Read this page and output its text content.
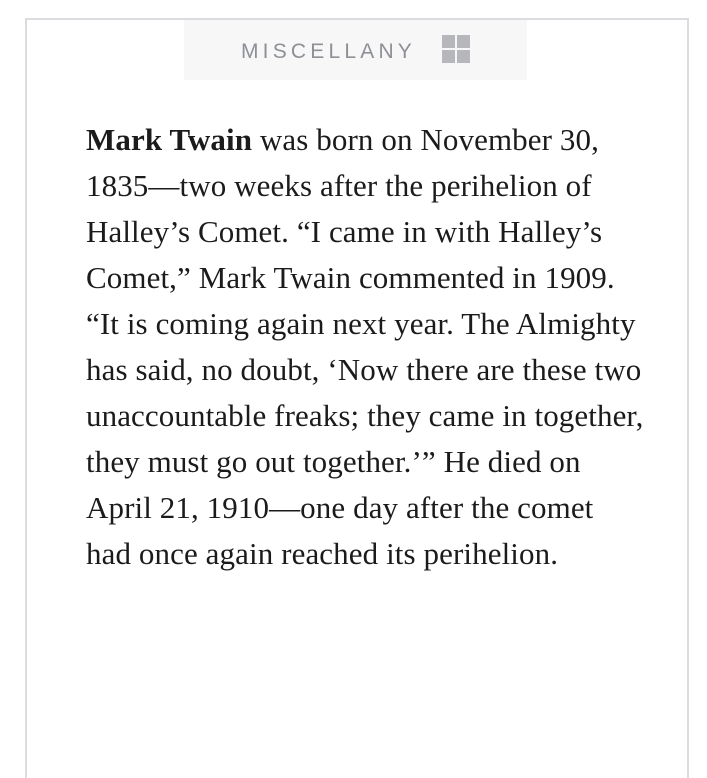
MISCELLANY

Mark Twain was born on November 30, 1835—two weeks after the perihelion of Halley’s Comet. “I came in with Halley’s Comet,” Mark Twain commented in 1909. “It is coming again next year. The Almighty has said, no doubt, ‘Now there are these two unaccountable freaks; they came in together, they must go out together.’” He died on April 21, 1910—one day after the comet had once again reached its perihelion.
